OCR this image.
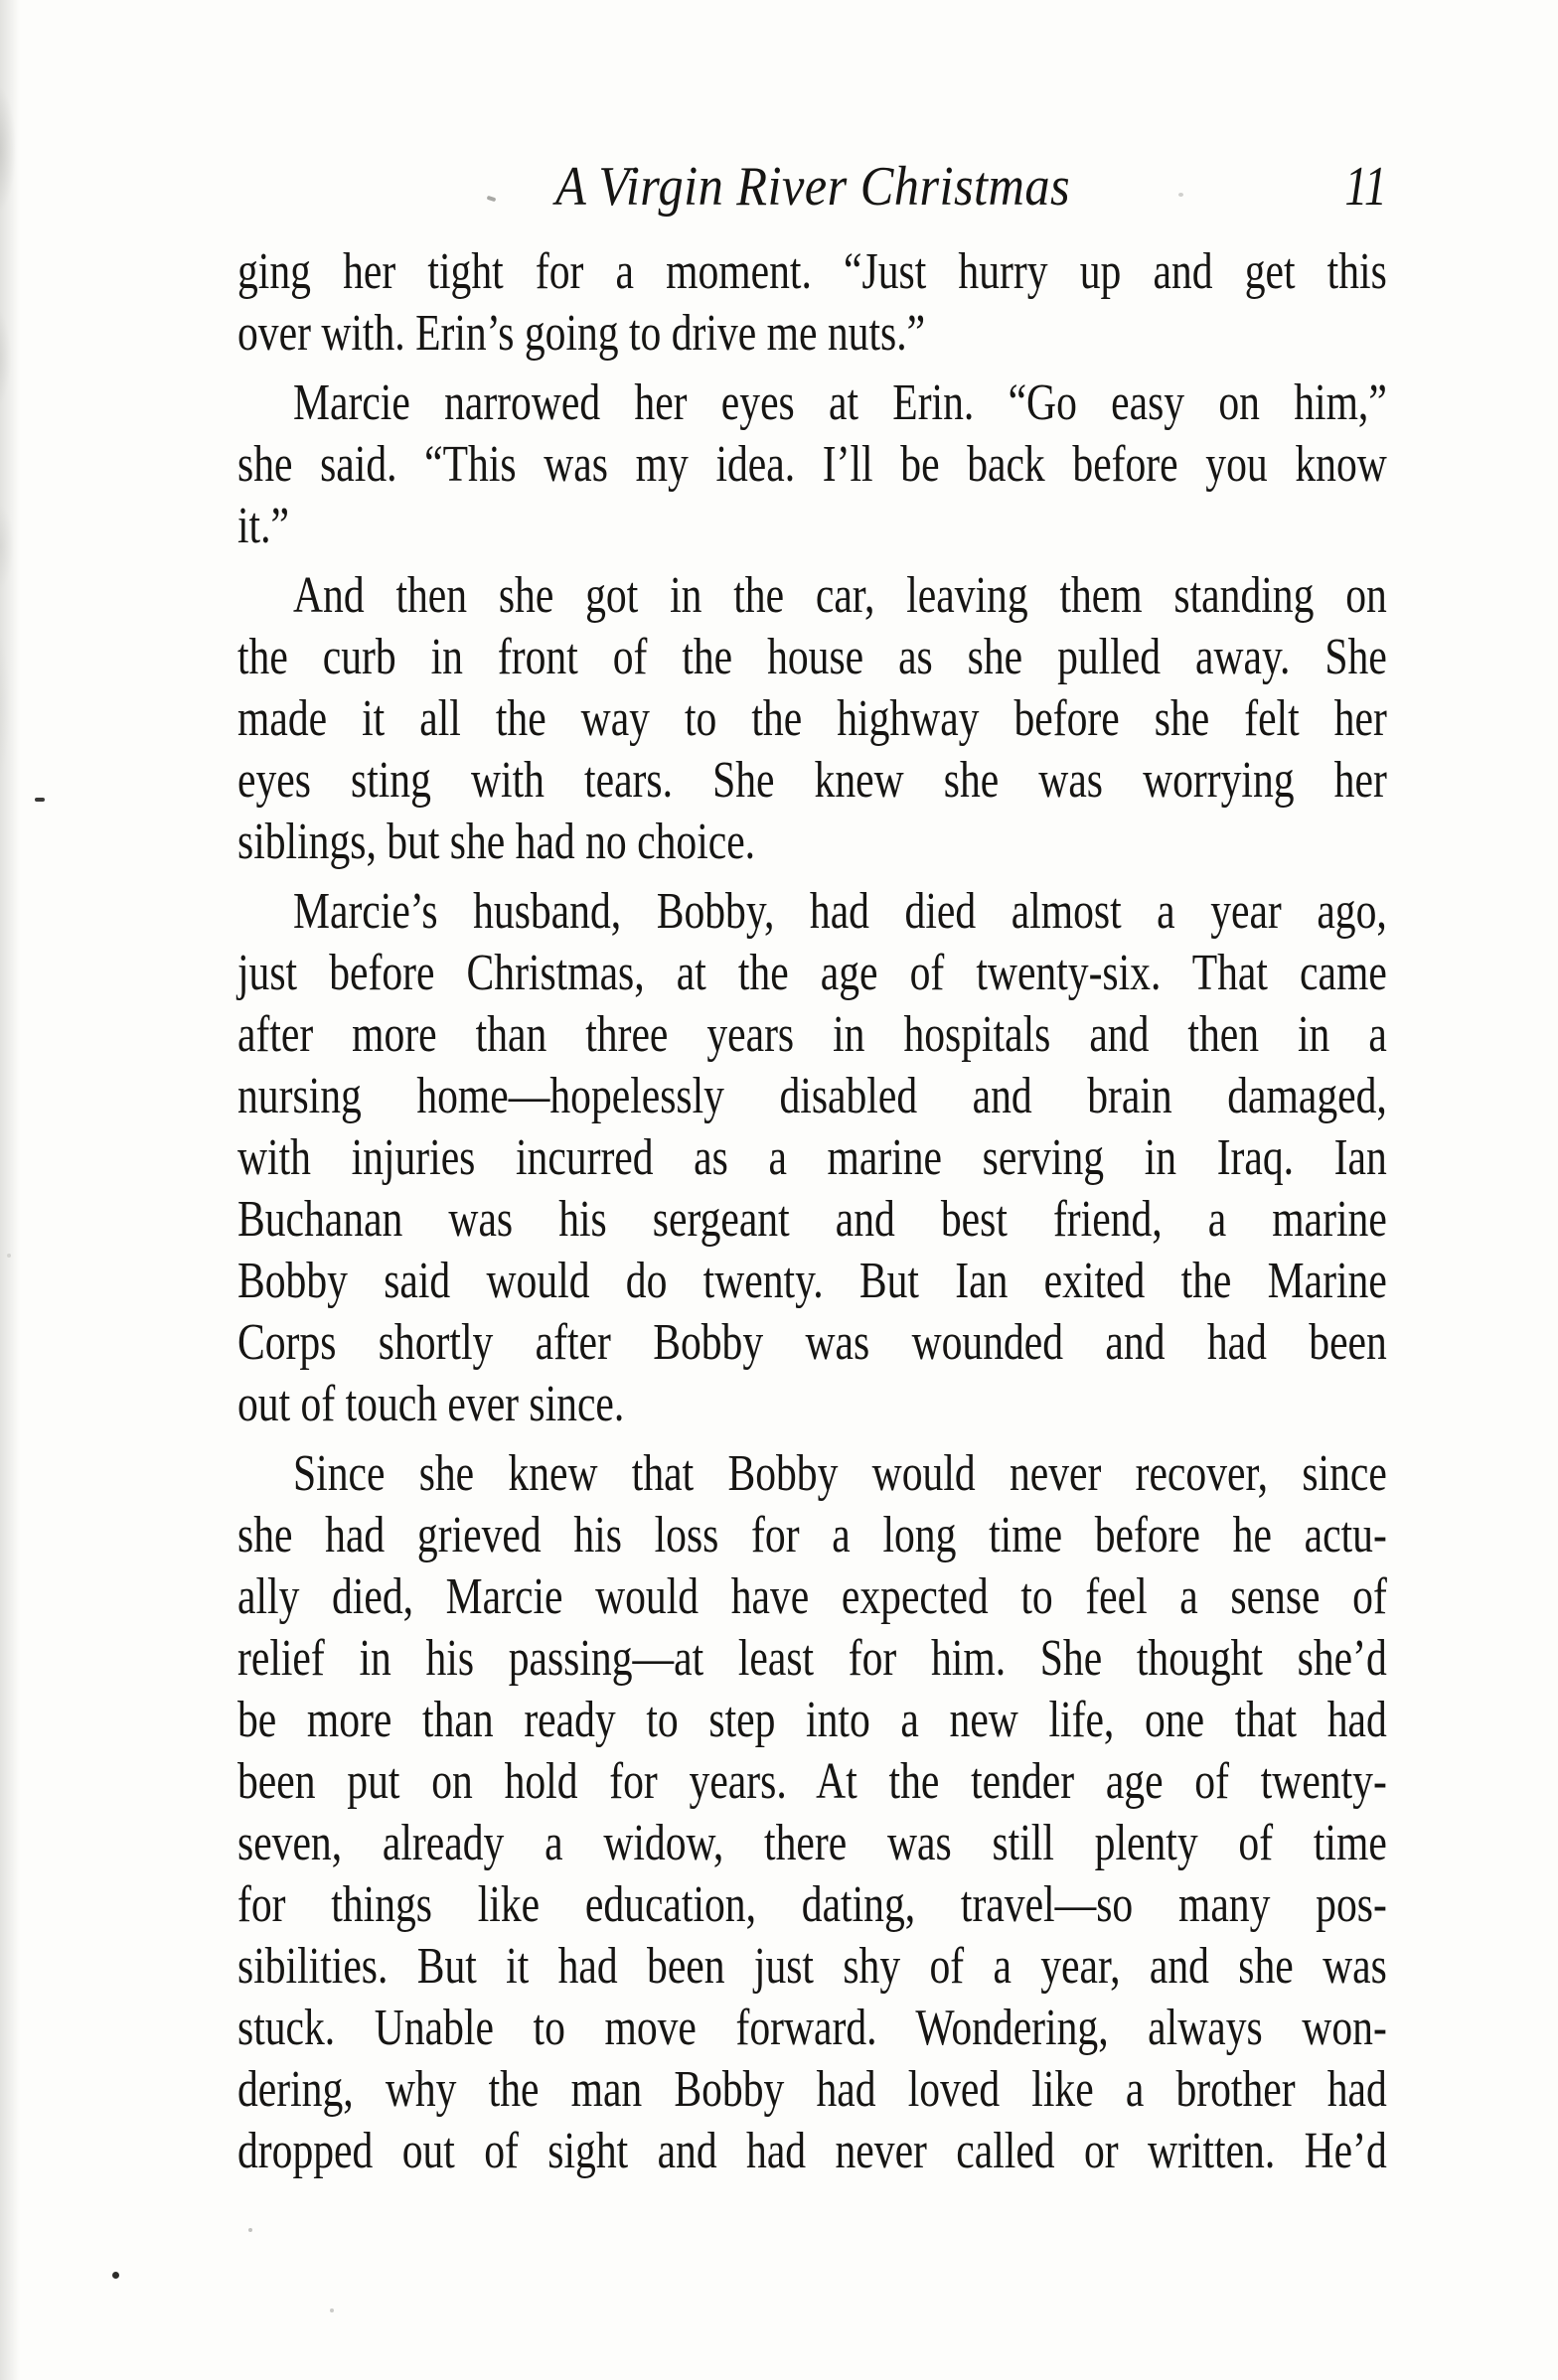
A Virgin River Christmas	11
ging her tight for a moment. “Just hurry up and get this
over with. Erin’s going to drive me nuts.”
Marcie narrowed her eyes at Erin. “Go easy on him,”
she said. “This was my idea. I’ll be back before you know
it.”
And then she got in the car, leaving them standing on
the curb in front of the house as she pulled away. She
made it all the way to the highway before she felt her
eyes sting with tears. She knew she was worrying her
siblings, but she had no choice.
Marcie’s husband, Bobby, had died almost a year ago,
just before Christmas, at the age of twenty-six. That came
after more than three years in hospitals and then in a
nursing home—hopelessly disabled and brain damaged,
with injuries incurred as a marine serving in Iraq. Ian
Buchanan was his sergeant and best friend, a marine
Bobby said would do twenty. But Ian exited the Marine
Corps shortly after Bobby was wounded and had been
out of touch ever since.
Since she knew that Bobby would never recover, since
she had grieved his loss for a long time before he actu-
ally died, Marcie would have expected to feel a sense of
relief in his passing—at least for him. She thought she’d
be more than ready to step into a new life, one that had
been put on hold for years. At the tender age of twenty-
seven, already a widow, there was still plenty of time
for things like education, dating, travel—so many pos-
sibilities. But it had been just shy of a year, and she was
stuck. Unable to move forward. Wondering, always won-
dering, why the man Bobby had loved like a brother had
dropped out of sight and had never called or written. He’d
